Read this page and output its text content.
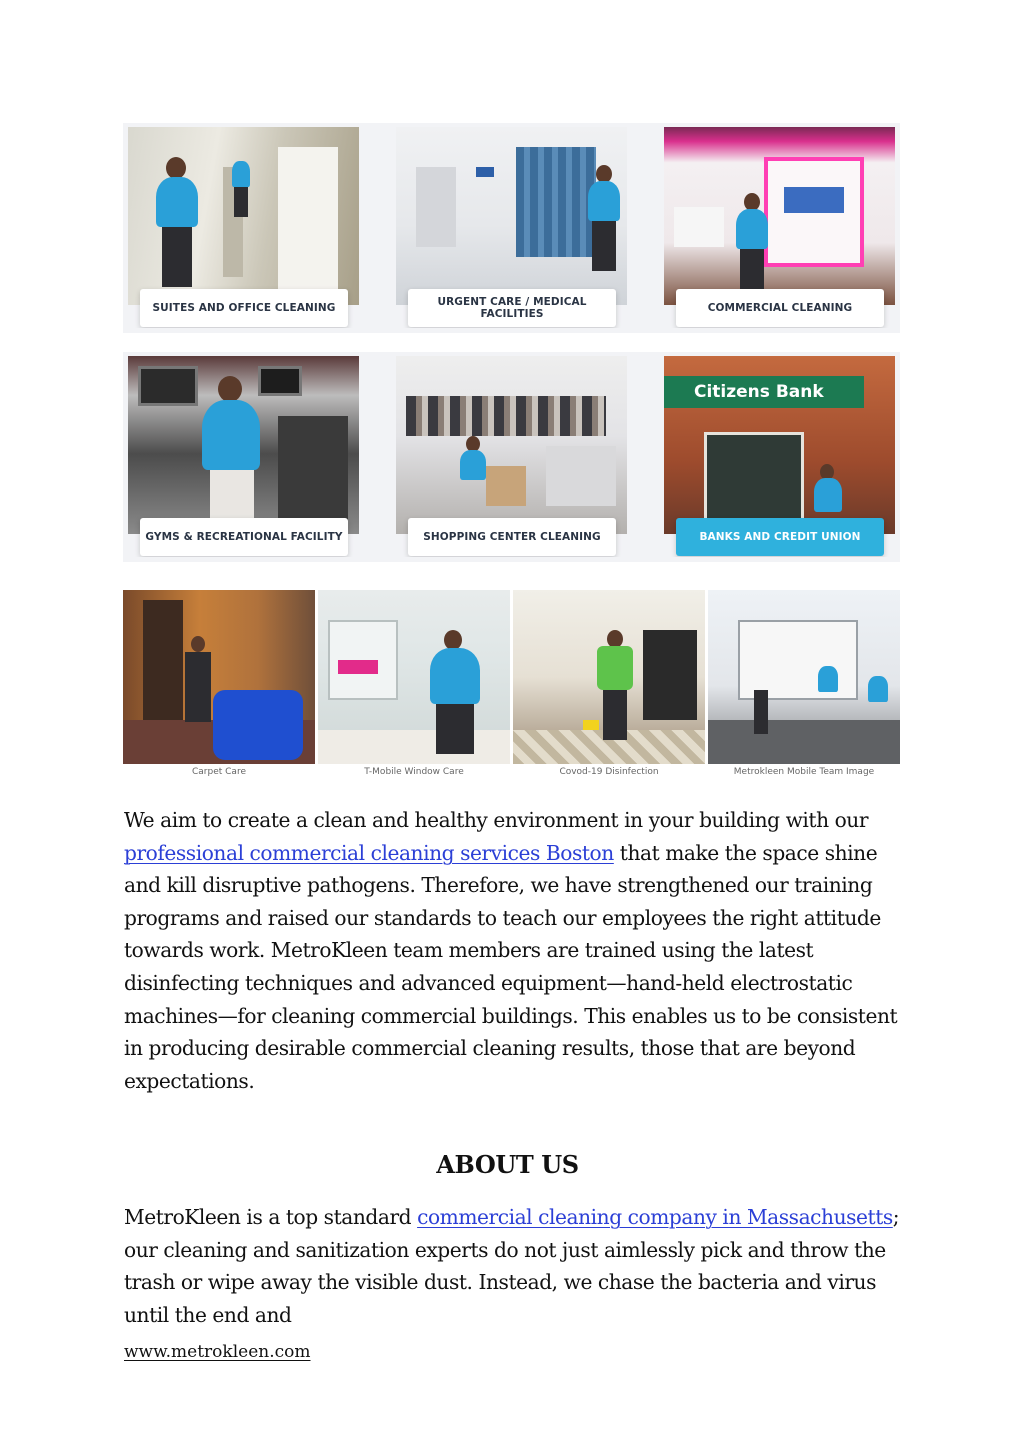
SUITES AND OFFICE CLEANING	URGENT CARE / MEDICAL FACILITIES	COMMERCIAL CLEANING
GYMS & RECREATIONAL FACILITY	SHOPPING CENTER CLEANING
Citizens Bank
BANKS AND CREDIT UNION
Carpet Care	T-Mobile Window Care	Covod-19 Disinfection	Metrokleen Mobile Team Image

We aim to create a clean and healthy environment in your building with our professional commercial cleaning services Boston that make the space shine and kill disruptive pathogens. Therefore, we have strengthened our training programs and raised our standards to teach our employees the right attitude towards work. MetroKleen team members are trained using the latest disinfecting techniques and advanced equipment—hand-held electrostatic machines—for cleaning commercial buildings. This enables us to be consistent in producing desirable commercial cleaning results, those that are beyond expectations.

ABOUT US

MetroKleen is a top standard commercial cleaning company in Massachusetts; our cleaning and sanitization experts do not just aimlessly pick and throw the trash or wipe away the visible dust. Instead, we chase the bacteria and virus until the end and

www.metrokleen.com
